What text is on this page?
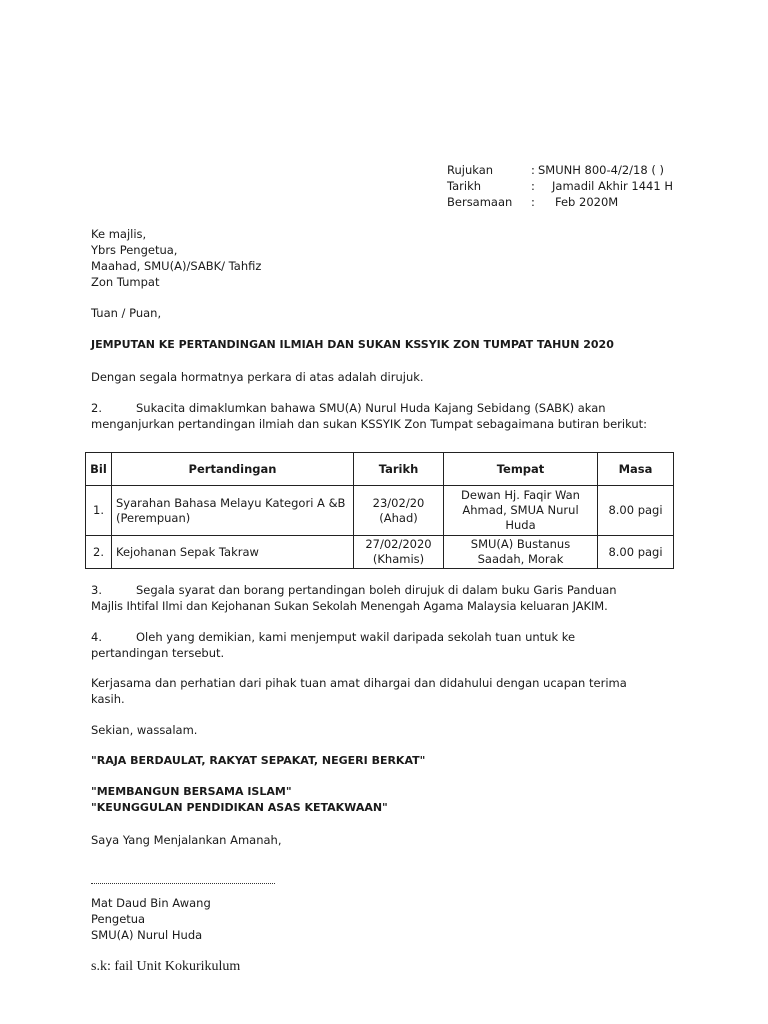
Rujukan	: SMUNH 800-4/2/18 ( )
Tarikh	: Jamadil Akhir 1441 H
Bersamaan : Feb 2020M
Ke majlis,
Ybrs Pengetua,
Maahad, SMU(A)/SABK/ Tahfiz
Zon Tumpat
Tuan / Puan,
JEMPUTAN KE PERTANDINGAN ILMIAH DAN SUKAN KSSYIK ZON TUMPAT TAHUN 2020
Dengan segala hormatnya perkara di atas adalah dirujuk.
2.	Sukacita dimaklumkan bahawa SMU(A) Nurul Huda Kajang Sebidang (SABK) akan
menganjurkan pertandingan ilmiah dan sukan KSSYIK Zon Tumpat sebagaimana butiran berikut:
Bil	Pertandingan	Tarikh	Tempat	Masa
1.	Syarahan Bahasa Melayu Kategori A &B (Perempuan)	23/02/20
(Ahad)	Dewan Hj. Faqir Wan Ahmad, SMUA Nurul Huda	8.00 pagi
2.	Kejohanan Sepak Takraw	27/02/2020
(Khamis)	SMU(A) Bustanus Saadah, Morak	8.00 pagi
3.	Segala syarat dan borang pertandingan boleh dirujuk di dalam buku Garis Panduan
Majlis Ihtifal Ilmi dan Kejohanan Sukan Sekolah Menengah Agama Malaysia keluaran JAKIM.
4.	Oleh yang demikian, kami menjemput wakil daripada sekolah tuan untuk ke
pertandingan tersebut.
Kerjasama dan perhatian dari pihak tuan amat dihargai dan didahului dengan ucapan terima
kasih.
Sekian, wassalam.
"RAJA BERDAULAT, RAKYAT SEPAKAT, NEGERI BERKAT"
"MEMBANGUN BERSAMA ISLAM"
"KEUNGGULAN PENDIDIKAN ASAS KETAKWAAN"
Saya Yang Menjalankan Amanah,
Mat Daud Bin Awang
Pengetua
SMU(A) Nurul Huda
s.k: fail Unit Kokurikulum
